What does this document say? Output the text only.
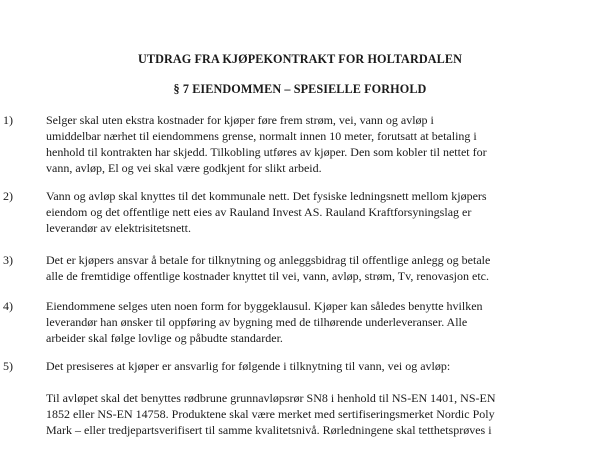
UTDRAG FRA KJØPEKONTRAKT FOR HOLTARDALEN
§ 7 EIENDOMMEN – SPESIELLE FORHOLD
1)	Selger skal uten ekstra kostnader for kjøper føre frem strøm, vei, vann og avløp i
umiddelbar nærhet til eiendommens grense, normalt innen 10 meter, forutsatt at betaling i
henhold til kontrakten har skjedd. Tilkobling utføres av kjøper. Den som kobler til nettet for
vann, avløp, El og vei skal være godkjent for slikt arbeid.
2)	Vann og avløp skal knyttes til det kommunale nett. Det fysiske ledningsnett mellom kjøpers
eiendom og det offentlige nett eies av Rauland Invest AS. Rauland Kraftforsyningslag er
leverandør av elektrisitetsnett.
3)	Det er kjøpers ansvar å betale for tilknytning og anleggsbidrag til offentlige anlegg og betale
alle de fremtidige offentlige kostnader knyttet til vei, vann, avløp, strøm, Tv, renovasjon etc.
4)	Eiendommene selges uten noen form for byggeklausul. Kjøper kan således benytte hvilken
leverandør han ønsker til oppføring av bygning med de tilhørende underleveranser. Alle
arbeider skal følge lovlige og påbudte standarder.
5)	Det presiseres at kjøper er ansvarlig for følgende i tilknytning til vann, vei og avløp:
Til avløpet skal det benyttes rødbrune grunnavløpsrør SN8 i henhold til NS-EN 1401, NS-EN
1852 eller NS-EN 14758. Produktene skal være merket med sertifiseringsmerket Nordic Poly
Mark – eller tredjepartsverifisert til samme kvalitetsnivå. Rørledningene skal tetthetsprøves i
